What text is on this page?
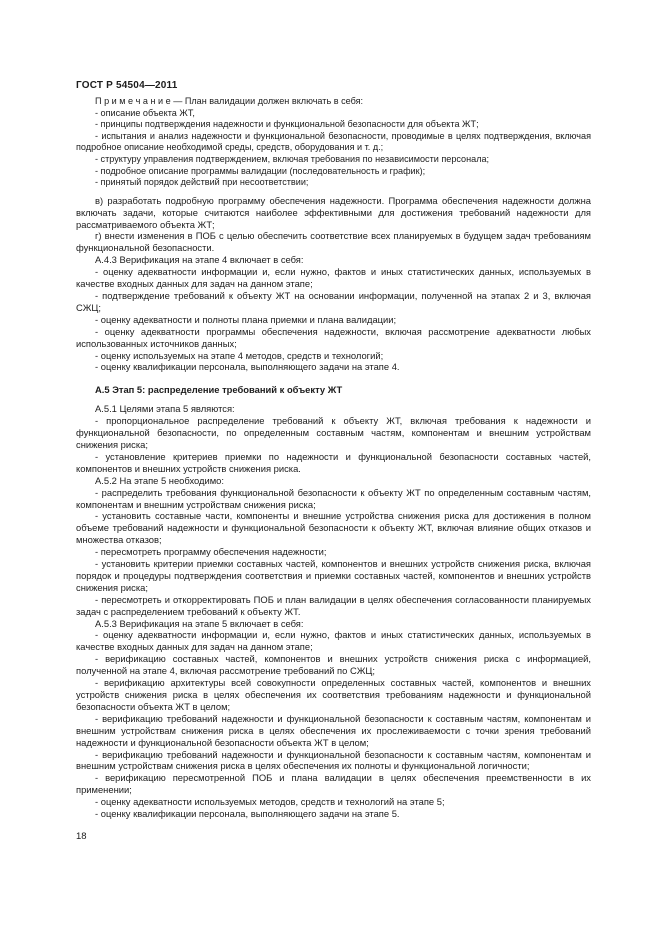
ГОСТ Р 54504—2011

П р и м е ч а н и е — План валидации должен включать в себя:

- описание объекта ЖТ,

- принципы подтверждения надежности и функциональной безопасности для объекта ЖТ;

- испытания и анализ надежности и функциональной безопасности, проводимые в целях подтверждения, включая подробное описание необходимой среды, средств, оборудования и т. д.;

- структуру управления подтверждением, включая требования по независимости персонала;

- подробное описание программы валидации (последовательность и график);

- принятый порядок действий при несоответствии;

в) разработать подробную программу обеспечения надежности. Программа обеспечения надежности должна включать задачи, которые считаются наиболее эффективными для достижения требований надежности для рассматриваемого объекта ЖТ;

г) внести изменения в ПОБ с целью обеспечить соответствие всех планируемых в будущем задач требованиям функциональной безопасности.

А.4.3 Верификация на этапе 4 включает в себя:

- оценку адекватности информации и, если нужно, фактов и иных статистических данных, используемых в качестве входных данных для задач на данном этапе;

- подтверждение требований к объекту ЖТ на основании информации, полученной на этапах 2 и 3, включая СЖЦ;

- оценку адекватности и полноты плана приемки и плана валидации;

- оценку адекватности программы обеспечения надежности, включая рассмотрение адекватности любых использованных источников данных;

- оценку используемых на этапе 4 методов, средств и технологий;

- оценку квалификации персонала, выполняющего задачи на этапе 4.

А.5 Этап 5: распределение требований к объекту ЖТ

А.5.1 Целями этапа 5 являются:

- пропорциональное распределение требований к объекту ЖТ, включая требования к надежности и функциональной безопасности, по определенным составным частям, компонентам и внешним устройствам снижения риска;

- установление критериев приемки по надежности и функциональной безопасности составных частей, компонентов и внешних устройств снижения риска.

А.5.2 На этапе 5 необходимо:

- распределить требования функциональной безопасности к объекту ЖТ по определенным составным частям, компонентам и внешним устройствам снижения риска;

- установить составные части, компоненты и внешние устройства снижения риска для достижения в полном объеме требований надежности и функциональной безопасности к объекту ЖТ, включая влияние общих отказов и множества отказов;

- пересмотреть программу обеспечения надежности;

- установить критерии приемки составных частей, компонентов и внешних устройств снижения риска, включая порядок и процедуры подтверждения соответствия и приемки составных частей, компонентов и внешних устройств снижения риска;

- пересмотреть и откорректировать ПОБ и план валидации в целях обеспечения согласованности планируемых задач с распределением требований к объекту ЖТ.

А.5.3 Верификация на этапе 5 включает в себя:

- оценку адекватности информации и, если нужно, фактов и иных статистических данных, используемых в качестве входных данных для задач на данном этапе;

- верификацию составных частей, компонентов и внешних устройств снижения риска с информацией, полученной на этапе 4, включая рассмотрение требований по СЖЦ;

- верификацию архитектуры всей совокупности определенных составных частей, компонентов и внешних устройств снижения риска в целях обеспечения их соответствия требованиям надежности и функциональной безопасности объекта ЖТ в целом;

- верификацию требований надежности и функциональной безопасности к составным частям, компонентам и внешним устройствам снижения риска в целях обеспечения их прослеживаемости с точки зрения требований надежности и функциональной безопасности объекта ЖТ в целом;

- верификацию требований надежности и функциональной безопасности к составным частям, компонентам и внешним устройствам снижения риска в целях обеспечения их полноты и функциональной логичности;

- верификацию пересмотренной ПОБ и плана валидации в целях обеспечения преемственности в их применении;

- оценку адекватности используемых методов, средств и технологий на этапе 5;

- оценку квалификации персонала, выполняющего задачи на этапе 5.

18
